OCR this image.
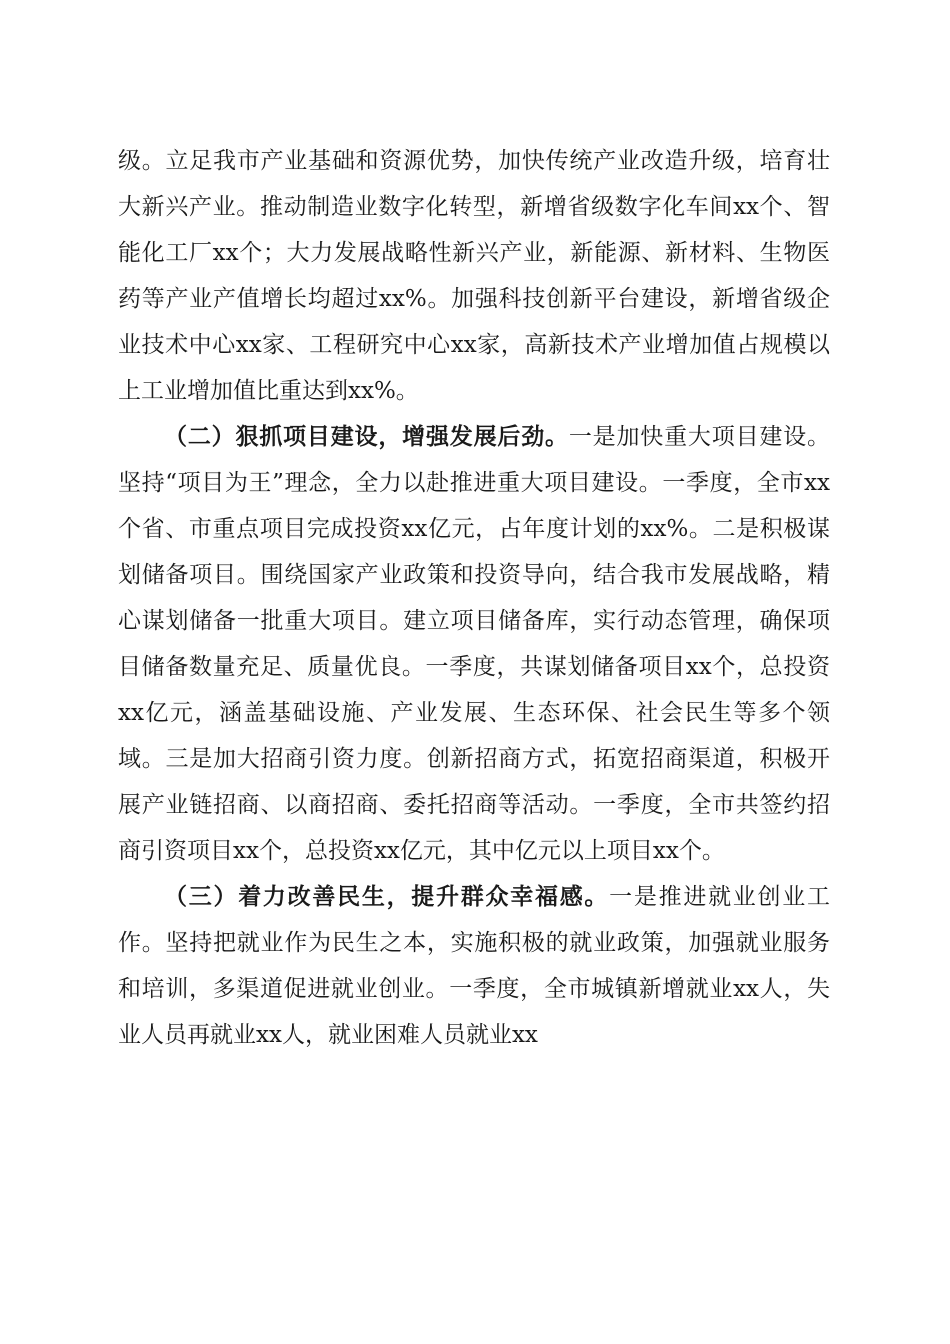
级。立足我市产业基础和资源优势，加快传统产业改造升级，培育壮大新兴产业。推动制造业数字化转型，新增省级数字化车间xx个、智能化工厂xx个；大力发展战略性新兴产业，新能源、新材料、生物医药等产业产值增长均超过xx%。加强科技创新平台建设，新增省级企业技术中心xx家、工程研究中心xx家，高新技术产业增加值占规模以上工业增加值比重达到xx%。

（二）狠抓项目建设，增强发展后劲。一是加快重大项目建设。坚持“项目为王”理念，全力以赴推进重大项目建设。一季度，全市xx个省、市重点项目完成投资xx亿元，占年度计划的xx%。二是积极谋划储备项目。围绕国家产业政策和投资导向，结合我市发展战略，精心谋划储备一批重大项目。建立项目储备库，实行动态管理，确保项目储备数量充足、质量优良。一季度，共谋划储备项目xx个，总投资xx亿元，涵盖基础设施、产业发展、生态环保、社会民生等多个领域。三是加大招商引资力度。创新招商方式，拓宽招商渠道，积极开展产业链招商、以商招商、委托招商等活动。一季度，全市共签约招商引资项目xx个，总投资xx亿元，其中亿元以上项目xx个。

（三）着力改善民生，提升群众幸福感。一是推进就业创业工作。坚持把就业作为民生之本，实施积极的就业政策，加强就业服务和培训，多渠道促进就业创业。一季度，全市城镇新增就业xx人，失业人员再就业xx人，就业困难人员就业xx
